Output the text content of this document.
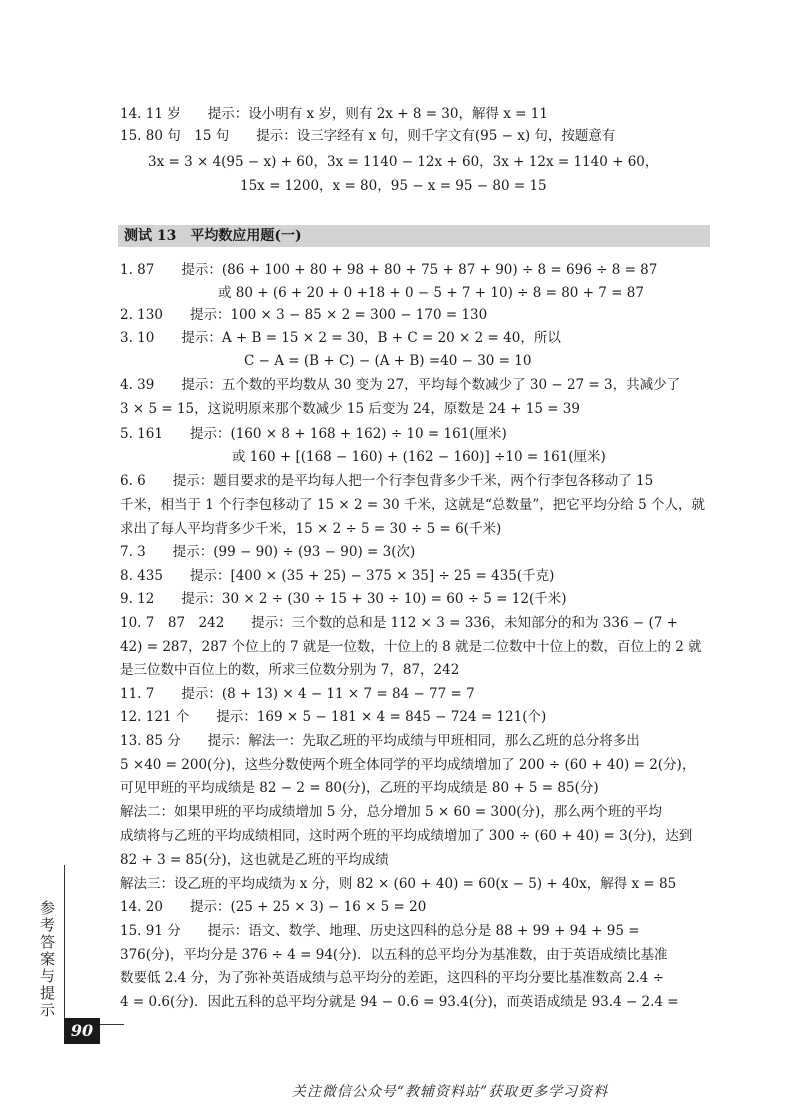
14. 11 岁　　提示：设小明有 x 岁，则有 2x + 8 = 30，解得 x = 11
15. 80 句　15 句　　提示：设三字经有 x 句，则千字文有(95 − x) 句，按题意有
3x = 3 × 4(95 − x) + 60，3x = 1140 − 12x + 60，3x + 12x = 1140 + 60，
15x = 1200，x = 80，95 − x = 95 − 80 = 15
测试 13　平均数应用题(一)
1. 87　　提示：(86 + 100 + 80 + 98 + 80 + 75 + 87 + 90) ÷ 8 = 696 ÷ 8 = 87
或 80 + (6 + 20 + 0 +18 + 0 − 5 + 7 + 10) ÷ 8 = 80 + 7 = 87
2. 130　　提示：100 × 3 − 85 × 2 = 300 − 170 = 130
3. 10　　提示：A + B = 15 × 2 = 30，B + C = 20 × 2 = 40，所以
C − A = (B + C) − (A + B) =40 − 30 = 10
4. 39　　提示：五个数的平均数从 30 变为 27，平均每个数减少了 30 − 27 = 3，共减少了
3 × 5 = 15，这说明原来那个数减少 15 后变为 24，原数是 24 + 15 = 39
5. 161　　提示：(160 × 8 + 168 + 162) ÷ 10 = 161(厘米)
或 160 + [(168 − 160) + (162 − 160)] ÷10 = 161(厘米)
6. 6　　提示：题目要求的是平均每人把一个行李包背多少千米，两个行李包各移动了 15
千米，相当于 1 个行李包移动了 15 × 2 = 30 千米，这就是“总数量”，把它平均分给 5 个人，就
求出了每人平均背多少千米，15 × 2 ÷ 5 = 30 ÷ 5 = 6(千米)
7. 3　　提示：(99 − 90) ÷ (93 − 90) = 3(次)
8. 435　　提示：[400 × (35 + 25) − 375 × 35] ÷ 25 = 435(千克)
9. 12　　提示：30 × 2 ÷ (30 ÷ 15 + 30 ÷ 10) = 60 ÷ 5 = 12(千米)
10. 7　87　242　　提示：三个数的总和是 112 × 3 = 336，未知部分的和为 336 − (7 +
42) = 287，287 个位上的 7 就是一位数，十位上的 8 就是二位数中十位上的数，百位上的 2 就
是三位数中百位上的数，所求三位数分别为 7，87，242
11. 7　　提示：(8 + 13) × 4 − 11 × 7 = 84 − 77 = 7
12. 121 个　　提示：169 × 5 − 181 × 4 = 845 − 724 = 121(个)
13. 85 分　　提示：解法一：先取乙班的平均成绩与甲班相同，那么乙班的总分将多出
5 ×40 = 200(分)，这些分数使两个班全体同学的平均成绩增加了 200 ÷ (60 + 40) = 2(分)，
可见甲班的平均成绩是 82 − 2 = 80(分)，乙班的平均成绩是 80 + 5 = 85(分)
解法二：如果甲班的平均成绩增加 5 分，总分增加 5 × 60 = 300(分)，那么两个班的平均
成绩将与乙班的平均成绩相同，这时两个班的平均成绩增加了 300 ÷ (60 + 40) = 3(分)，达到
82 + 3 = 85(分)，这也就是乙班的平均成绩
解法三：设乙班的平均成绩为 x 分，则 82 × (60 + 40) = 60(x − 5) + 40x，解得 x = 85
14. 20　　提示：(25 + 25 × 3) − 16 × 5 = 20
15. 91 分　　提示：语文、数学、地理、历史这四科的总分是 88 + 99 + 94 + 95 =
376(分)，平均分是 376 ÷ 4 = 94(分)．以五科的总平均分为基准数，由于英语成绩比基准
数要低 2.4 分，为了弥补英语成绩与总平均分的差距，这四科的平均分要比基准数高 2.4 ÷
4 = 0.6(分)．因此五科的总平均分就是 94 − 0.6 = 93.4(分)，而英语成绩是 93.4 − 2.4 =
参考答案与提示
90
关注微信公众号“教辅资料站”获取更多学习资料
